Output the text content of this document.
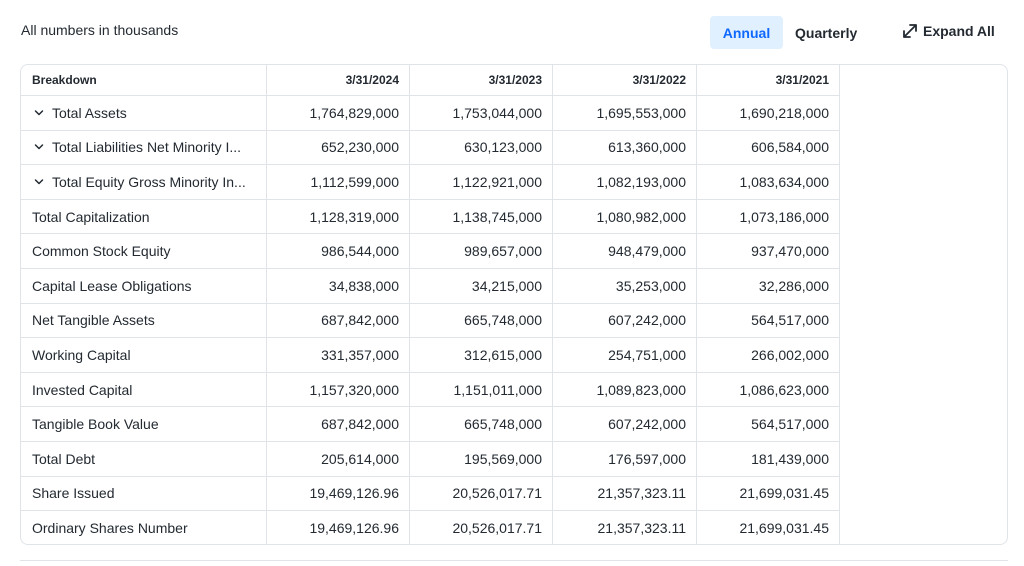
All numbers in thousands	Annual	Quarterly	Expand All
Breakdown	3/31/2024	3/31/2023	3/31/2022	3/31/2021
Total Assets	1,764,829,000	1,753,044,000	1,695,553,000	1,690,218,000
Total Liabilities Net Minority I...	652,230,000	630,123,000	613,360,000	606,584,000
Total Equity Gross Minority In...	1,112,599,000	1,122,921,000	1,082,193,000	1,083,634,000
Total Capitalization	1,128,319,000	1,138,745,000	1,080,982,000	1,073,186,000
Common Stock Equity	986,544,000	989,657,000	948,479,000	937,470,000
Capital Lease Obligations	34,838,000	34,215,000	35,253,000	32,286,000
Net Tangible Assets	687,842,000	665,748,000	607,242,000	564,517,000
Working Capital	331,357,000	312,615,000	254,751,000	266,002,000
Invested Capital	1,157,320,000	1,151,011,000	1,089,823,000	1,086,623,000
Tangible Book Value	687,842,000	665,748,000	607,242,000	564,517,000
Total Debt	205,614,000	195,569,000	176,597,000	181,439,000
Share Issued	19,469,126.96	20,526,017.71	21,357,323.11	21,699,031.45
Ordinary Shares Number	19,469,126.96	20,526,017.71	21,357,323.11	21,699,031.45
